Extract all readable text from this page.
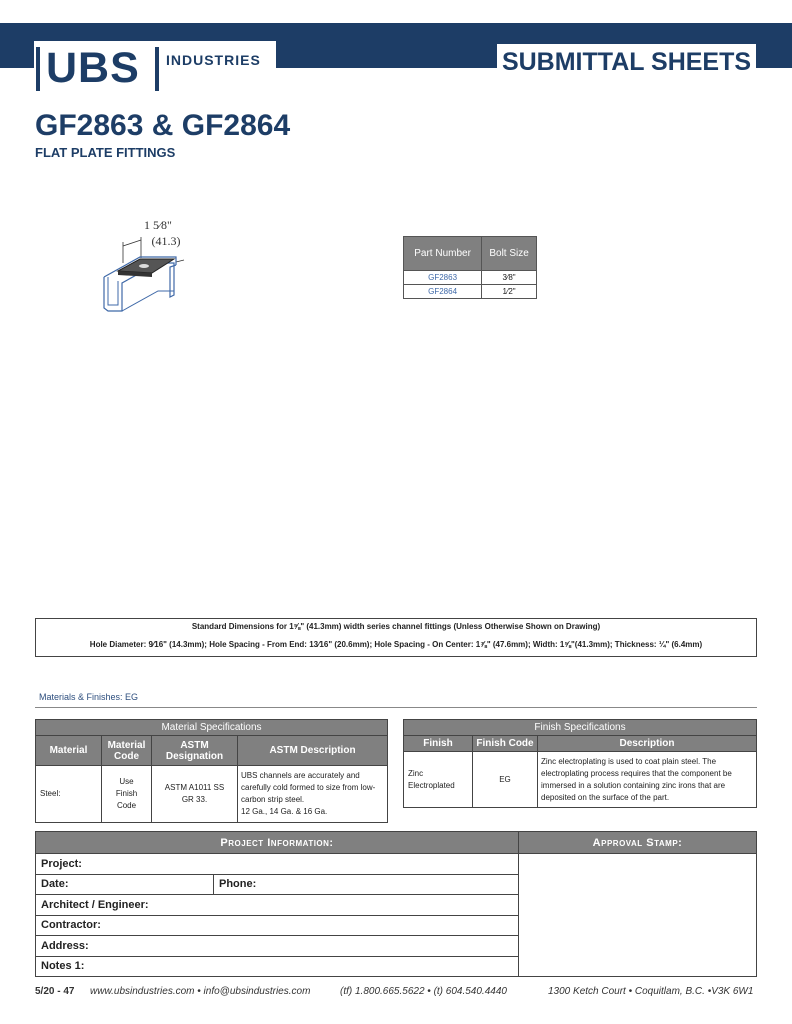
UBS INDUSTRIES	SUBMITTAL SHEETS
GF2863 & GF2864
FLAT PLATE FITTINGS
1 5⁄8"
(41.3)
Part Number	Bolt Size
GF2863	3⁄8"
GF2864	1⁄2"
Standard Dimensions for 1⅝" (41.3mm) width series channel fittings (Unless Otherwise Shown on Drawing)
Hole Diameter: 9⁄16" (14.3mm); Hole Spacing - From End: 13⁄16" (20.6mm); Hole Spacing - On Center: 1⅞" (47.6mm); Width: 1⅝"(41.3mm); Thickness: ¼" (6.4mm)
Materials & Finishes: EG
Material Specifications			
Material	Material Code	ASTM Designation	ASTM Description
Steel:	Use Finish Code	ASTM A1011 SS GR 33.	UBS channels are accurately and carefully cold formed to size from low-carbon strip steel.
12 Ga., 14 Ga. & 16 Ga.
Finish Specifications		
Finish	Finish Code	Description
Zinc Electroplated	EG	Zinc electroplating is used to coat plain steel. The electroplating process requires that the component be immersed in a solution containing zinc irons that are deposited on the surface of the part.
Project Information:		Approval Stamp:
Project:		
Date:	Phone:	
Architect / Engineer:		
Contractor:		
Address:		
Notes 1:		
5/20 - 47 www.ubsindustries.com • info@ubsindustries.com	(tf) 1.800.665.5622 • (t) 604.540.4440	1300 Ketch Court • Coquitlam, B.C. •V3K 6W1
